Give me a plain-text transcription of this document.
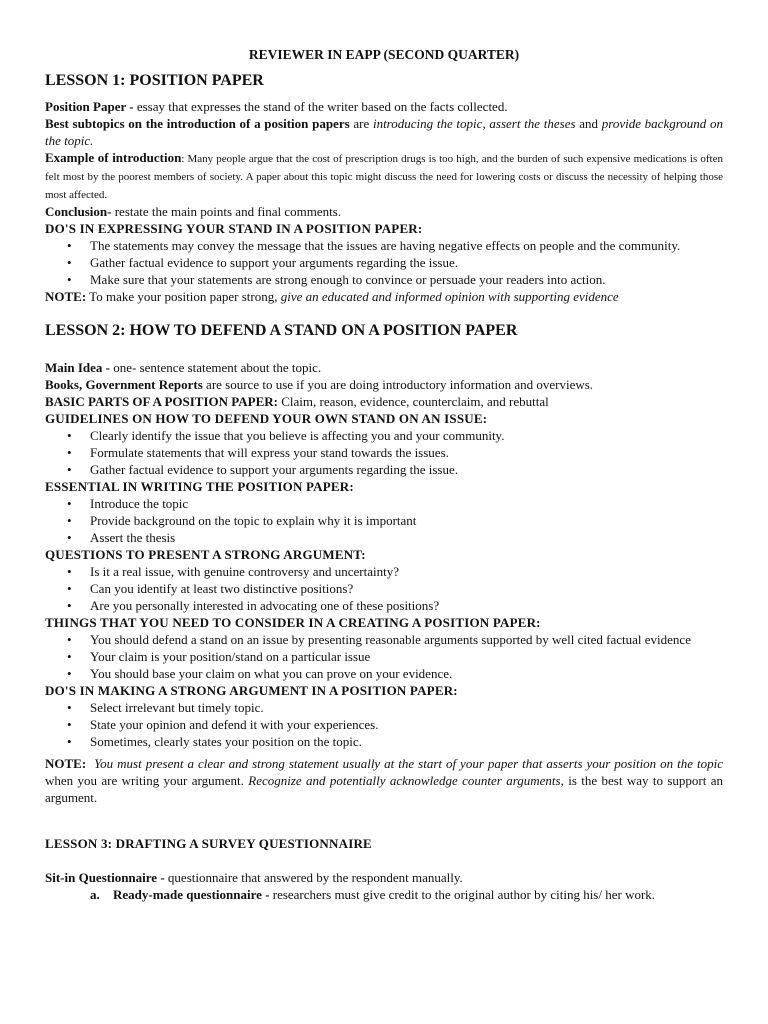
REVIEWER IN EAPP (SECOND QUARTER)

LESSON 1: POSITION PAPER

Position Paper - essay that expresses the stand of the writer based on the facts collected.

Best subtopics on the introduction of a position papers are introducing the topic, assert the theses and provide background on the topic.

Example of introduction: Many people argue that the cost of prescription drugs is too high, and the burden of such expensive medications is often felt most by the poorest members of society. A paper about this topic might discuss the need for lowering costs or discuss the necessity of helping those most affected.

Conclusion- restate the main points and final comments.

DO'S IN EXPRESSING YOUR STAND IN A POSITION PAPER:

• The statements may convey the message that the issues are having negative effects on people and the community.
• Gather factual evidence to support your arguments regarding the issue.
• Make sure that your statements are strong enough to convince or persuade your readers into action.

NOTE: To make your position paper strong, give an educated and informed opinion with supporting evidence

LESSON 2: HOW TO DEFEND A STAND ON A POSITION PAPER

Main Idea - one- sentence statement about the topic.

Books, Government Reports are source to use if you are doing introductory information and overviews.

BASIC PARTS OF A POSITION PAPER: Claim, reason, evidence, counterclaim, and rebuttal

GUIDELINES ON HOW TO DEFEND YOUR OWN STAND ON AN ISSUE:

• Clearly identify the issue that you believe is affecting you and your community.
• Formulate statements that will express your stand towards the issues.
• Gather factual evidence to support your arguments regarding the issue.

ESSENTIAL IN WRITING THE POSITION PAPER:

• Introduce the topic
• Provide background on the topic to explain why it is important
• Assert the thesis

QUESTIONS TO PRESENT A STRONG ARGUMENT:

• Is it a real issue, with genuine controversy and uncertainty?
• Can you identify at least two distinctive positions?
• Are you personally interested in advocating one of these positions?

THINGS THAT YOU NEED TO CONSIDER IN A CREATING A POSITION PAPER:

• You should defend a stand on an issue by presenting reasonable arguments supported by well cited factual evidence
• Your claim is your position/stand on a particular issue
• You should base your claim on what you can prove on your evidence.

DO'S IN MAKING A STRONG ARGUMENT IN A POSITION PAPER:

• Select irrelevant but timely topic.
• State your opinion and defend it with your experiences.
• Sometimes, clearly states your position on the topic.

NOTE: You must present a clear and strong statement usually at the start of your paper that asserts your position on the topic when you are writing your argument. Recognize and potentially acknowledge counter arguments, is the best way to support an argument.

LESSON 3: DRAFTING A SURVEY QUESTIONNAIRE

Sit-in Questionnaire - questionnaire that answered by the respondent manually.

a. Ready-made questionnaire - researchers must give credit to the original author by citing his/ her work.
